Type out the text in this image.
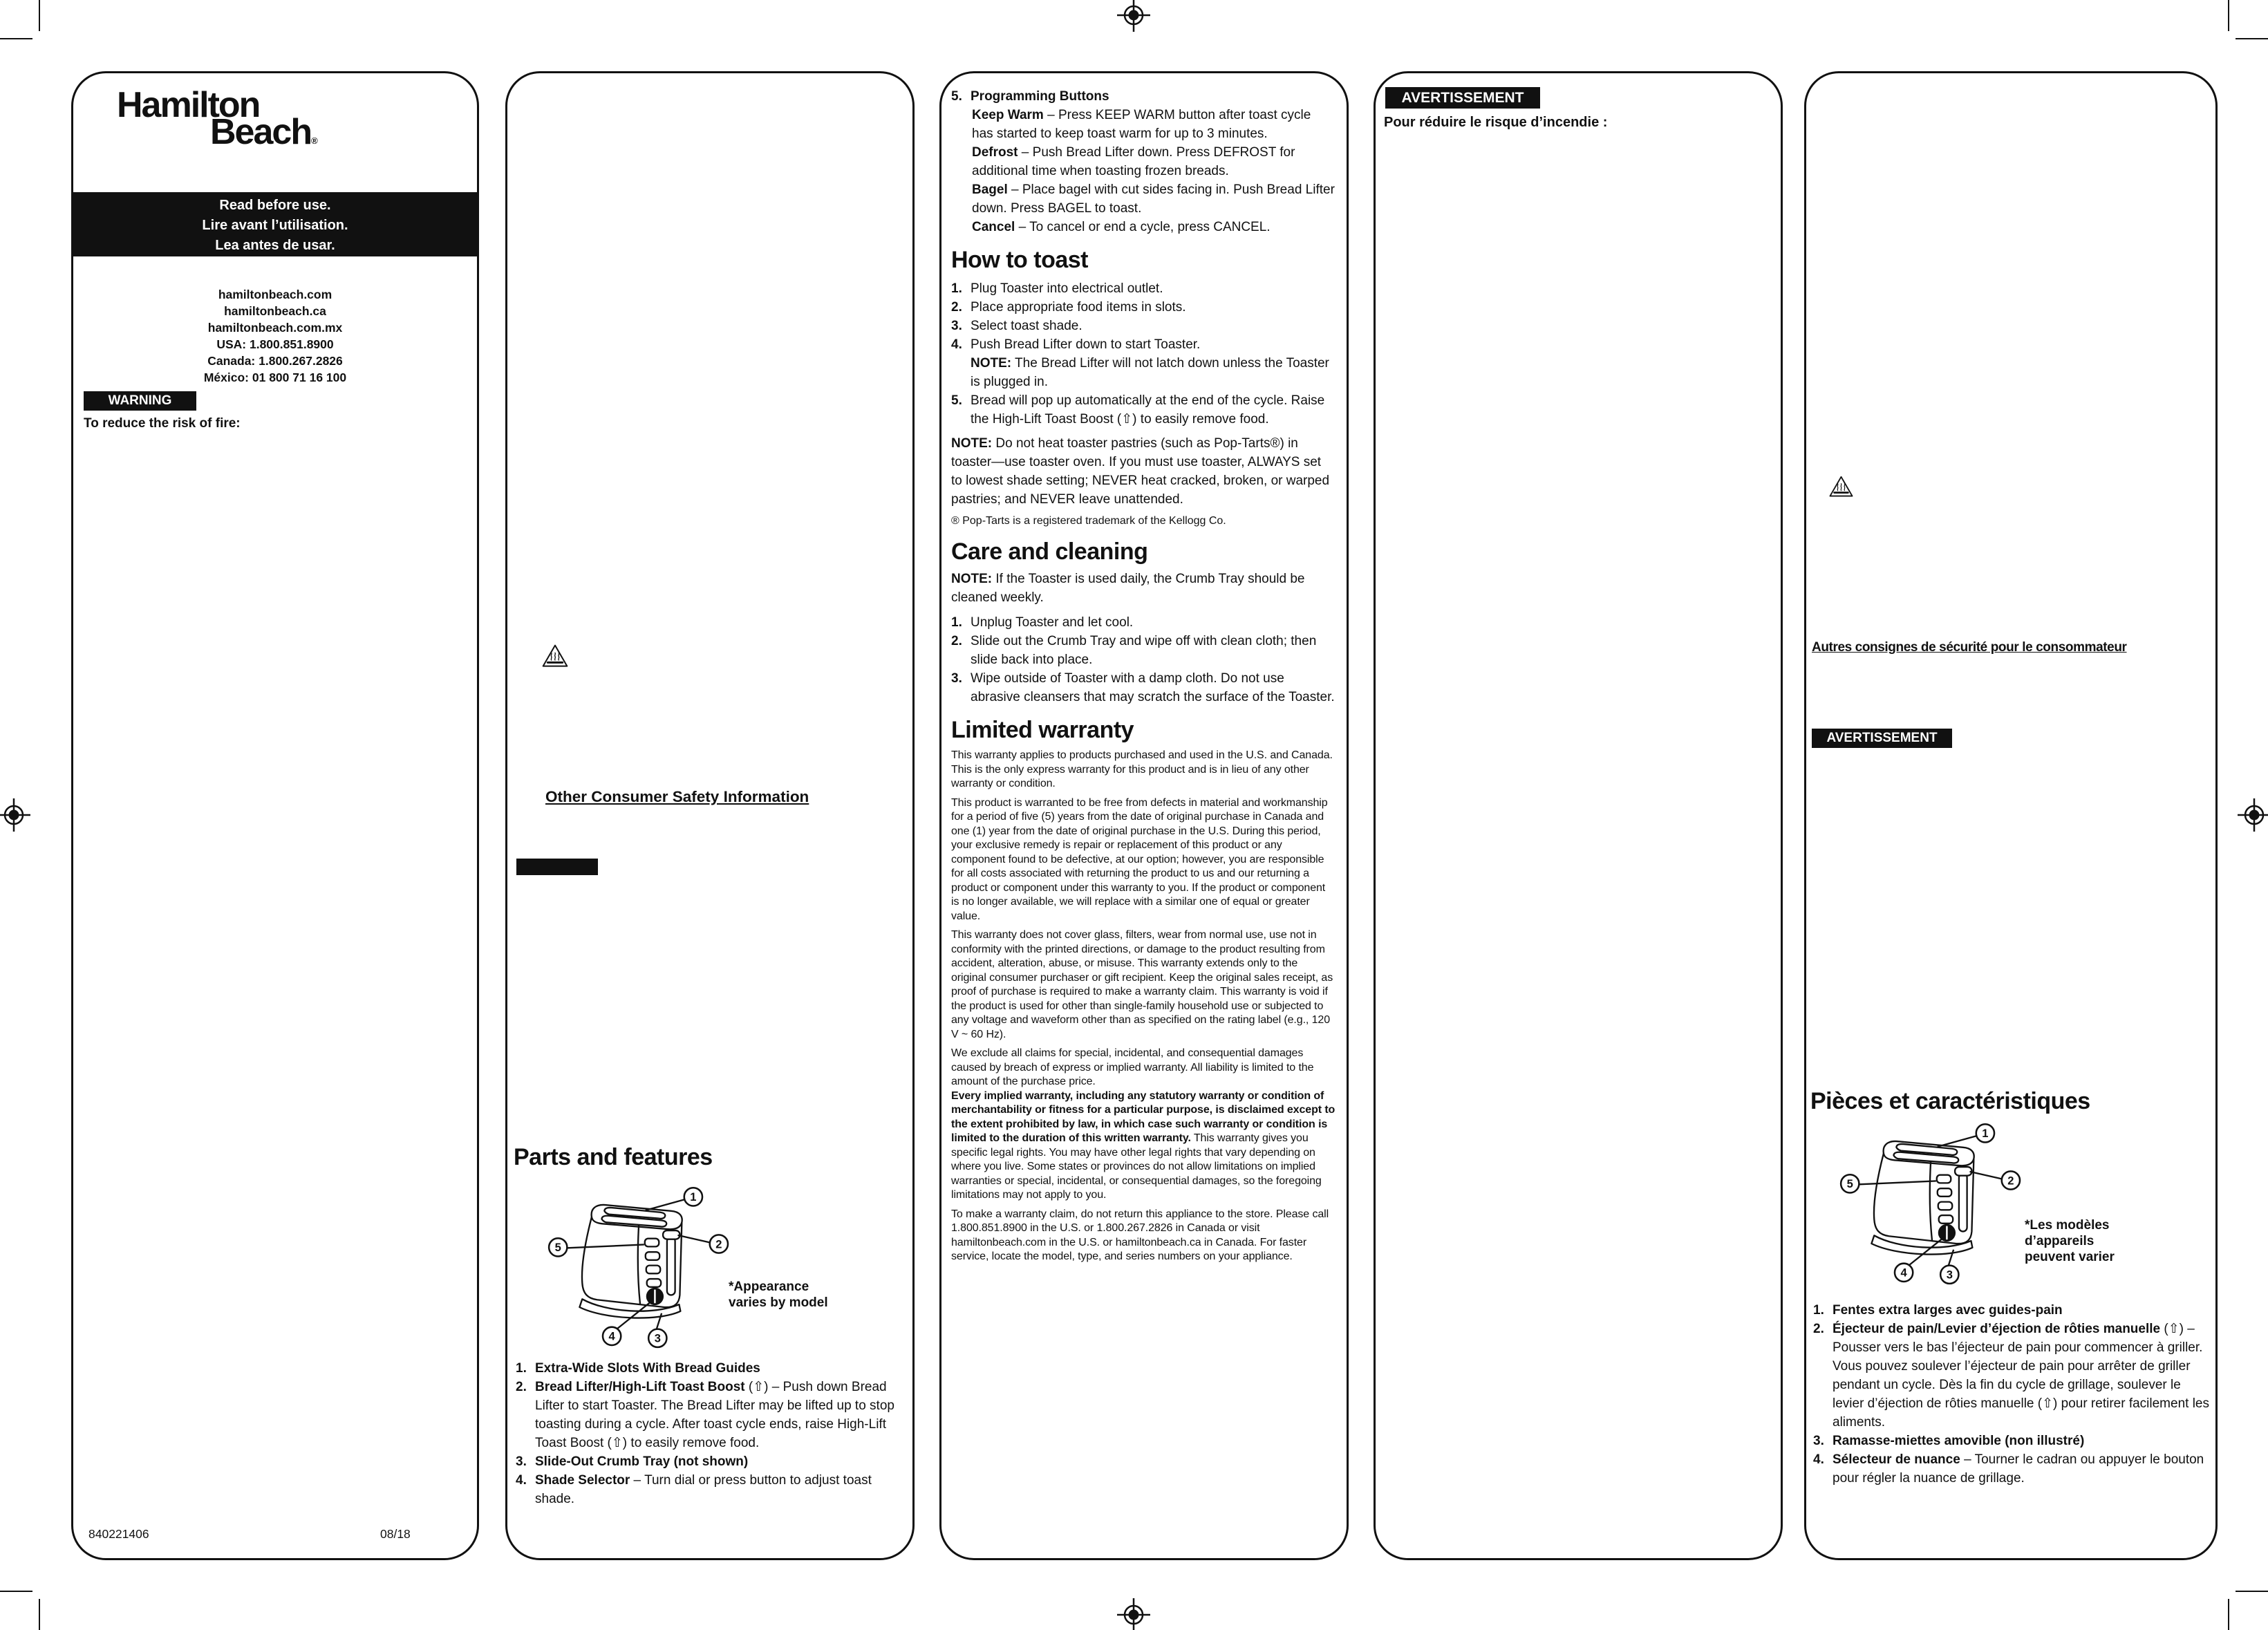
Hamilton
Beach®
Read before use.
Lire avant l’utilisation.
Lea antes de usar.
hamiltonbeach.com
hamiltonbeach.ca
hamiltonbeach.com.mx
USA: 1.800.851.8900
Canada: 1.800.267.2826
México: 01 800 71 16 100
WARNING
To reduce the risk of fire:
840221406	08/18
Other Consumer Safety Information
Parts and features
1
2
5
4	3
*Appearance
varies by model
1. Extra-Wide Slots With Bread Guides
2. Bread Lifter/High-Lift Toast Boost (⇧) – Push down Bread Lifter to start Toaster. The Bread Lifter may be lifted up to stop toasting during a cycle. After toast cycle ends, raise High-Lift Toast Boost (⇧) to easily remove food.
3. Slide-Out Crumb Tray (not shown)
4. Shade Selector – Turn dial or press button to adjust toast shade.
5. Programming Buttons
Keep Warm – Press KEEP WARM button after toast cycle has started to keep toast warm for up to 3 minutes.
Defrost – Push Bread Lifter down. Press DEFROST for additional time when toasting frozen breads.
Bagel – Place bagel with cut sides facing in. Push Bread Lifter down. Press BAGEL to toast.
Cancel – To cancel or end a cycle, press CANCEL.
How to toast
1. Plug Toaster into electrical outlet.
2. Place appropriate food items in slots.
3. Select toast shade.
4. Push Bread Lifter down to start Toaster.
NOTE: The Bread Lifter will not latch down unless the Toaster is plugged in.
5. Bread will pop up automatically at the end of the cycle. Raise the High-Lift Toast Boost (⇧) to easily remove food.

NOTE: Do not heat toaster pastries (such as Pop-Tarts®) in toaster—use toaster oven. If you must use toaster, ALWAYS set to lowest shade setting; NEVER heat cracked, broken, or warped pastries; and NEVER leave unattended.

® Pop-Tarts is a registered trademark of the Kellogg Co.

Care and cleaning

NOTE: If the Toaster is used daily, the Crumb Tray should be cleaned weekly.

1. Unplug Toaster and let cool.
2. Slide out the Crumb Tray and wipe off with clean cloth; then slide back into place.
3. Wipe outside of Toaster with a damp cloth. Do not use abrasive cleansers that may scratch the surface of the Toaster.
Limited warranty

This warranty applies to products purchased and used in the U.S. and Canada. This is the only express warranty for this product and is in lieu of any other warranty or condition.

This product is warranted to be free from defects in material and workmanship for a period of five (5) years from the date of original purchase in Canada and one (1) year from the date of original purchase in the U.S. During this period, your exclusive remedy is repair or replacement of this product or any component found to be defective, at our option; however, you are responsible for all costs associated with returning the product to us and our returning a product or component under this warranty to you. If the product or component is no longer available, we will replace with a similar one of equal or greater value.

This warranty does not cover glass, filters, wear from normal use, use not in conformity with the printed directions, or damage to the product resulting from accident, alteration, abuse, or misuse. This warranty extends only to the original consumer purchaser or gift recipient. Keep the original sales receipt, as proof of purchase is required to make a warranty claim. This warranty is void if the product is used for other than single-family household use or subjected to any voltage and waveform other than as specified on the rating label (e.g., 120 V ~ 60 Hz).

We exclude all claims for special, incidental, and consequential damages caused by breach of express or implied warranty. All liability is limited to the amount of the purchase price.

Every implied warranty, including any statutory warranty or condition of merchantability or fitness for a particular purpose, is disclaimed except to the extent prohibited by law, in which case such warranty or condition is limited to the duration of this written warranty. This warranty gives you specific legal rights. You may have other legal rights that vary depending on where you live. Some states or provinces do not allow limitations on implied warranties or special, incidental, or consequential damages, so the foregoing limitations may not apply to you.

To make a warranty claim, do not return this appliance to the store. Please call 1.800.851.8900 in the U.S. or 1.800.267.2826 in Canada or visit hamiltonbeach.com in the U.S. or hamiltonbeach.ca in Canada. For faster service, locate the model, type, and series numbers on your appliance.

AVERTISSEMENT
Pour réduire le risque d’incendie :
Autres consignes de sécurité pour le consommateur
AVERTISSEMENT
Pièces et caractéristiques
1
2
5
4	3
*Les modèles
d’appareils
peuvent varier
1. Fentes extra larges avec guides-pain
2. Éjecteur de pain/Levier d’éjection de rôties manuelle (⇧) – Pousser vers le bas l’éjecteur de pain pour commencer à griller. Vous pouvez soulever l’éjecteur de pain pour arrêter de griller pendant un cycle. Dès la fin du cycle de grillage, soulever le levier d’éjection de rôties manuelle (⇧) pour retirer facilement les aliments.
3. Ramasse-miettes amovible (non illustré)
4. Sélecteur de nuance – Tourner le cadran ou appuyer le bouton pour régler la nuance de grillage.
